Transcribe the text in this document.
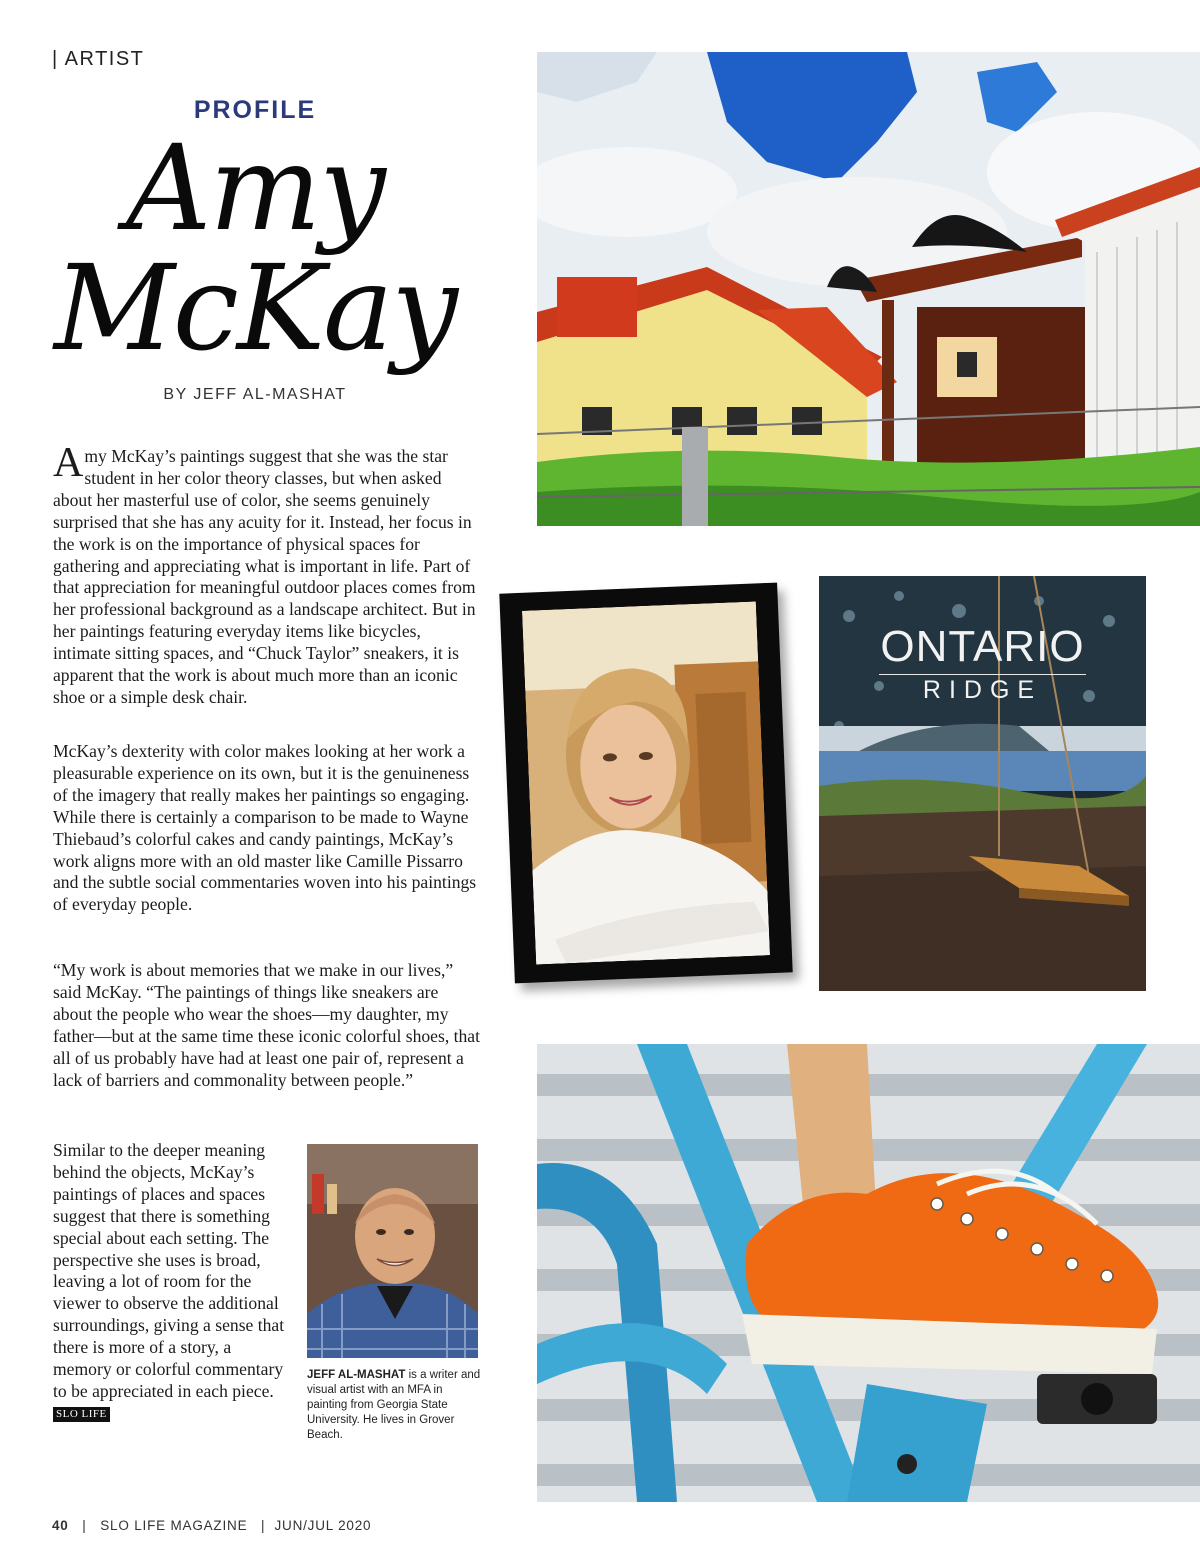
| ARTIST
PROFILE
Amy
McKay
BY JEFF AL-MASHAT
Amy McKay’s paintings suggest that she was the star student in her color theory classes, but when asked about her masterful use of color, she seems genuinely surprised that she has any acuity for it. Instead, her focus in the work is on the importance of physical spaces for gathering and appreciating what is important in life. Part of that appreciation for meaningful outdoor places comes from her professional background as a landscape architect. But in her paintings featuring everyday items like bicycles, intimate sitting spaces, and “Chuck Taylor” sneakers, it is apparent that the work is about much more than an iconic shoe or a simple desk chair.
McKay’s dexterity with color makes looking at her work a pleasurable experience on its own, but it is the genuineness of the imagery that really makes her paintings so engaging. While there is certainly a comparison to be made to Wayne Thiebaud’s colorful cakes and candy paintings, McKay’s work aligns more with an old master like Camille Pissarro and the subtle social commentaries woven into his paintings of everyday people.
“My work is about memories that we make in our lives,” said McKay. “The paintings of things like sneakers are about the people who wear the shoes—my daughter, my father—but at the same time these iconic colorful shoes, that all of us probably have had at least one pair of, represent a lack of barriers and commonality between people.”
Similar to the deeper meaning behind the objects, McKay’s paintings of places and spaces suggest that there is something special about each setting. The perspective she uses is broad, leaving a lot of room for the viewer to observe the additional surroundings, giving a sense that there is more of a story, a memory or colorful commentary to be appreciated in each piece. SLO LIFE
ONTARIO
RIDGE
JEFF AL-MASHAT is a writer and visual artist with an MFA in painting from Georgia State University. He lives in Grover Beach.
40 | SLO LIFE MAGAZINE | JUN/JUL 2020
